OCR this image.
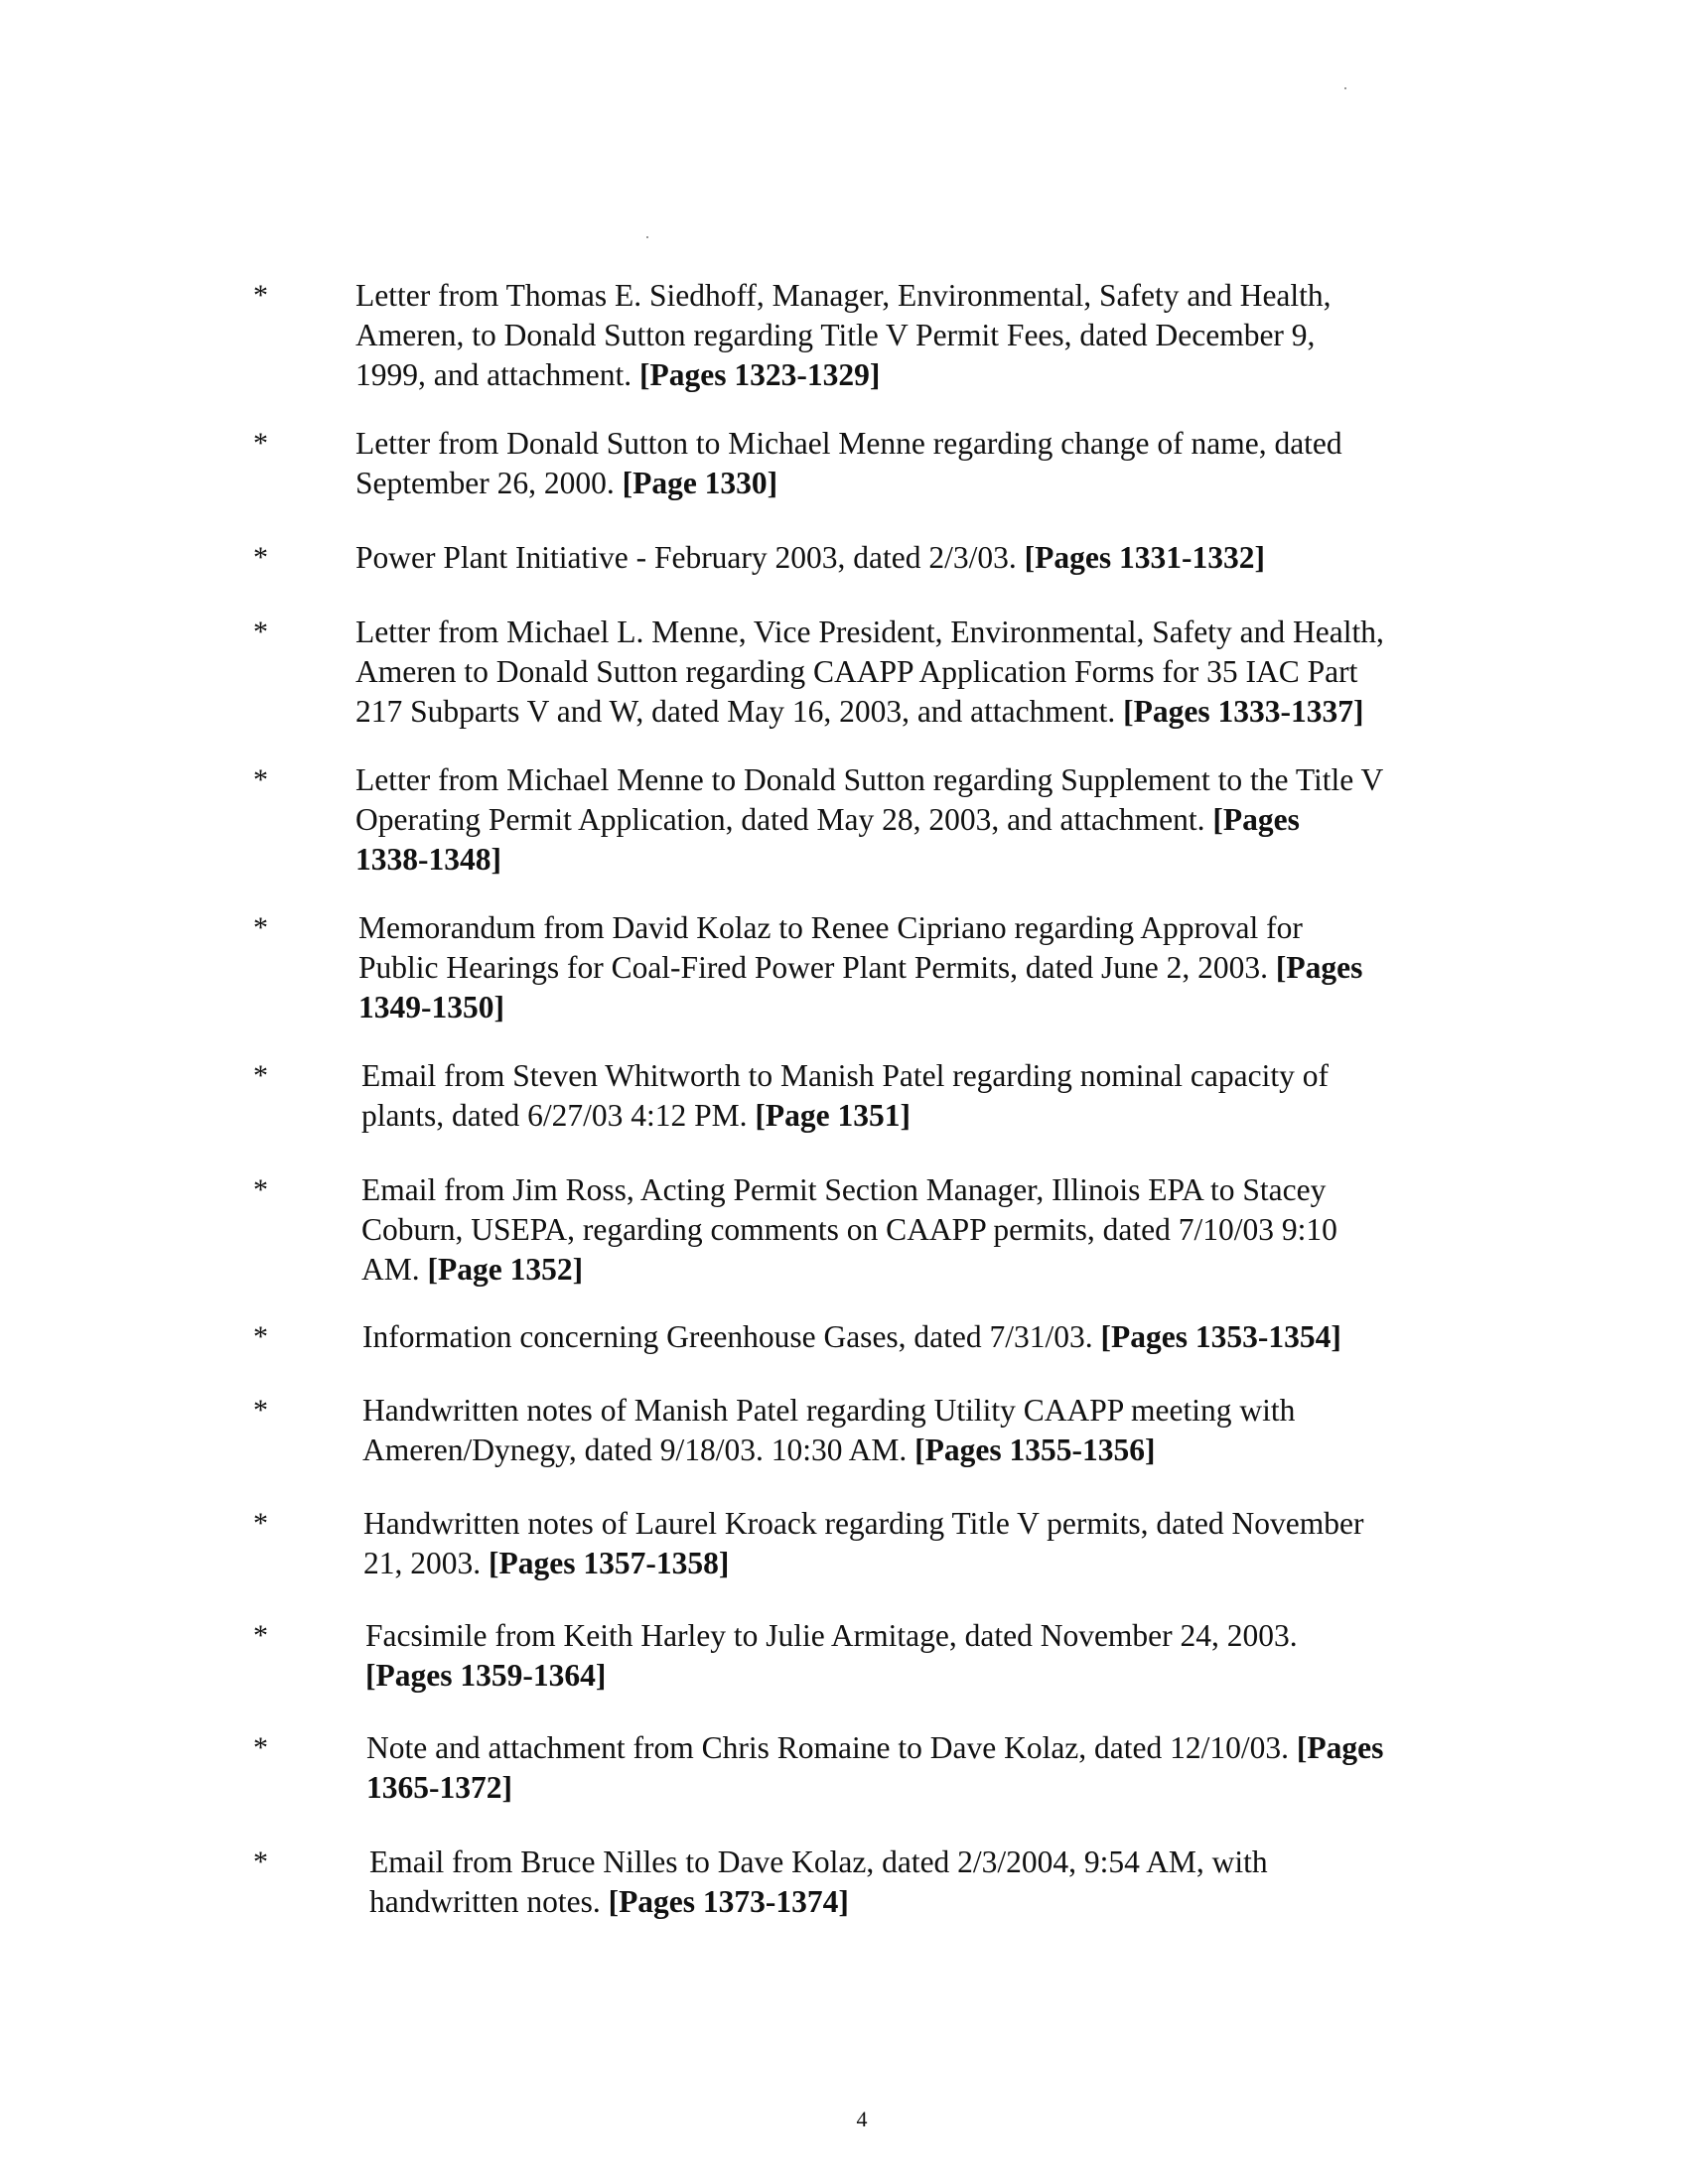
*	Letter from Thomas E. Siedhoff, Manager, Environmental, Safety and Health,
Ameren, to Donald Sutton regarding Title V Permit Fees, dated December 9,
1999, and attachment. [Pages 1323-1329]
*	Letter from Donald Sutton to Michael Menne regarding change of name, dated
September 26, 2000. [Page 1330]
*	Power Plant Initiative - February 2003, dated 2/3/03. [Pages 1331-1332]
*	Letter from Michael L. Menne, Vice President, Environmental, Safety and Health,
Ameren to Donald Sutton regarding CAAPP Application Forms for 35 IAC Part
217 Subparts V and W, dated May 16, 2003, and attachment. [Pages 1333-1337]
*	Letter from Michael Menne to Donald Sutton regarding Supplement to the Title V
Operating Permit Application, dated May 28, 2003, and attachment. [Pages
1338-1348]
*	Memorandum from David Kolaz to Renee Cipriano regarding Approval for
Public Hearings for Coal-Fired Power Plant Permits, dated June 2, 2003. [Pages
1349-1350]
*	Email from Steven Whitworth to Manish Patel regarding nominal capacity of
plants, dated 6/27/03 4:12 PM. [Page 1351]
*	Email from Jim Ross, Acting Permit Section Manager, Illinois EPA to Stacey
Coburn, USEPA, regarding comments on CAAPP permits, dated 7/10/03 9:10
AM. [Page 1352]
*	Information concerning Greenhouse Gases, dated 7/31/03. [Pages 1353-1354]
*	Handwritten notes of Manish Patel regarding Utility CAAPP meeting with
Ameren/Dynegy, dated 9/18/03. 10:30 AM. [Pages 1355-1356]
*	Handwritten notes of Laurel Kroack regarding Title V permits, dated November
21, 2003. [Pages 1357-1358]
*	Facsimile from Keith Harley to Julie Armitage, dated November 24, 2003.
[Pages 1359-1364]
*	Note and attachment from Chris Romaine to Dave Kolaz, dated 12/10/03. [Pages
1365-1372]
*	Email from Bruce Nilles to Dave Kolaz, dated 2/3/2004, 9:54 AM, with
handwritten notes. [Pages 1373-1374]
4
